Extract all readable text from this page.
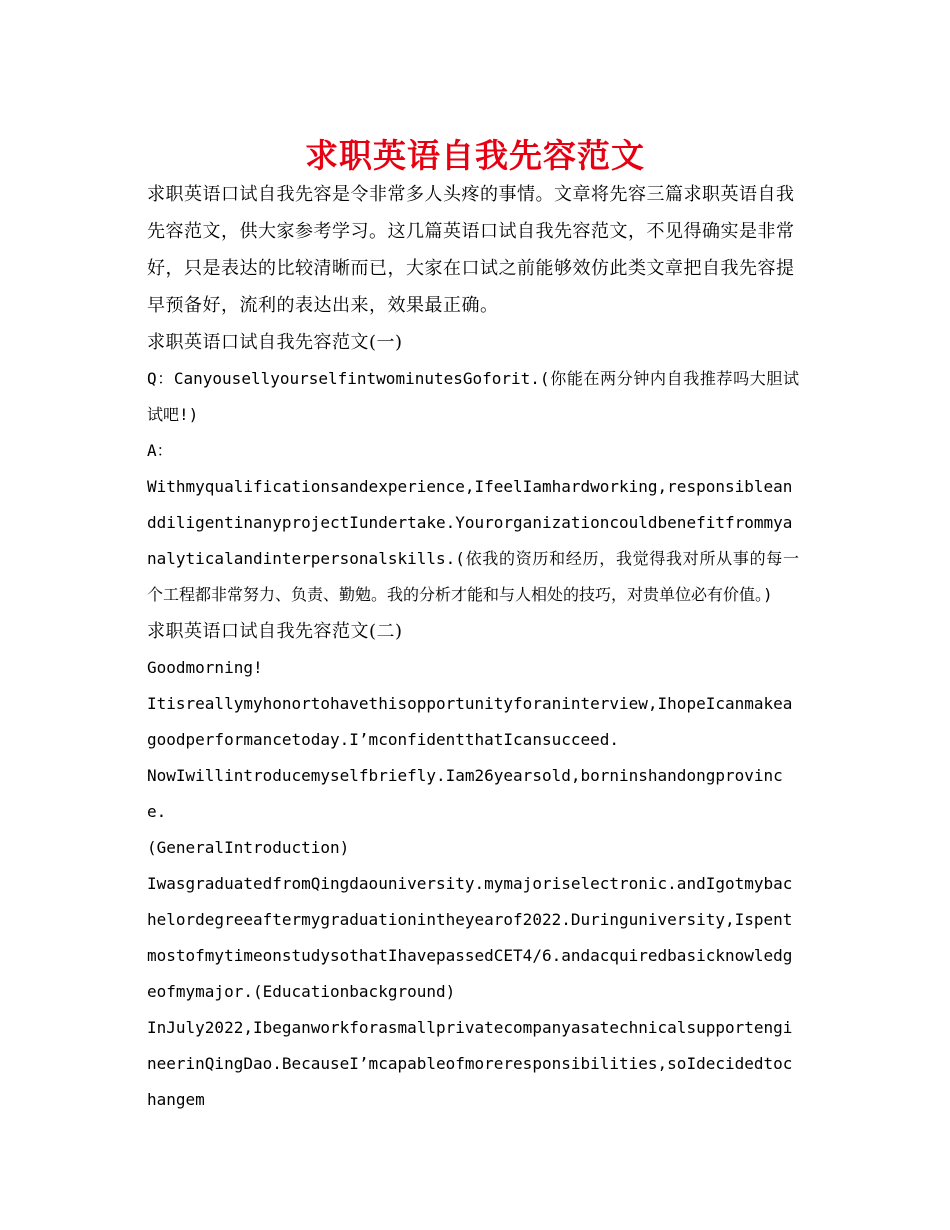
求职英语自我先容范文

求职英语口试自我先容是令非常多人头疼的事情。文章将先容三篇求职英语自我先容范文，供大家参考学习。这几篇英语口试自我先容范文，不见得确实是非常好，只是表达的比较清晰而已，大家在口试之前能够效仿此类文章把自我先容提早预备好，流利的表达出来，效果最正确。

求职英语口试自我先容范文(一)

Q：CanyousellyourselfintwominutesGoforit.(你能在两分钟内自我推荐吗大胆试试吧!)

A：

Withmyqualificationsandexperience,IfeelIamhardworking,responsibleanddiligentinanyprojectIundertake.Yourorganizationcouldbenefitfrommyanalyticalandinterpersonalskills.(依我的资历和经历，我觉得我对所从事的每一个工程都非常努力、负责、勤勉。我的分析才能和与人相处的技巧，对贵单位必有价值。)

求职英语口试自我先容范文(二)

Goodmorning!

Itisreallymyhonortohavethisopportunityforaninterview,IhopeIcanmakeagoodperformancetoday.I’mconfidentthatIcansucceed.

NowIwillintroducemyselfbriefly.Iam26yearsold,borninshandongprovince.

(GeneralIntroduction)

IwasgraduatedfromQingdaouniversity.mymajoriselectronic.andIgotmybachelordegreeaftermygraduationintheyearof2022.Duringuniversity,IspentmostofmytimeonstudysothatIhavepassedCET4/6.andacquiredbasicknowledgeofmymajor.(Educationbackground)

InJuly2022,IbeganworkforasmallprivatecompanyasatechnicalsupportengineerinQingDao.BecauseI’mcapableofmoreresponsibilities,soIdecidedtochangem
